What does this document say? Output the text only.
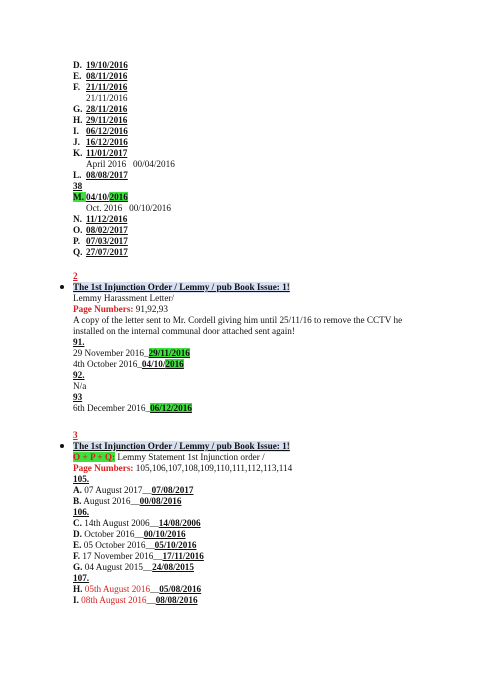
D. 19/10/2016
E. 08/11/2016
F. 21/11/2016
21/11/2016
G. 28/11/2016
H. 29/11/2016
I. 06/12/2016
J. 16/12/2016
K. 11/01/2017
April 2016   00/04/2016
L. 08/08/2017
38
M. 04/10/2016
Oct. 2016   00/10/2016
N. 11/12/2016
O. 08/02/2017
P. 07/03/2017
Q. 27/07/2017
2
The 1st Injunction Order / Lemmy / pub Book Issue: 1!
Lemmy Harassment Letter/
Page Numbers: 91,92,93
A copy of the letter sent to Mr. Cordell giving him until 25/11/16 to remove the CCTV he
installed on the internal communal door attached sent again!
91.
29 November 2016_29/11/2016
4th October 2016_04/10/2016
92.
N/a
93
6th December 2016_06/12/2016
3
The 1st Injunction Order / Lemmy / pub Book Issue: 1!
O + P + Q: Lemmy Statement 1st Injunction order /
Page Numbers: 105,106,107,108,109,110,111,112,113,114
105.
A. 07 August 2017__07/08/2017
B. August 2016__00/08/2016
106.
C. 14th August 2006__14/08/2006
D. October 2016__00/10/2016
E. 05 October 2016__05/10/2016
F. 17 November 2016__17/11/2016
G. 04 August 2015__24/08/2015
107.
H. 05th August 2016__05/08/2016
I. 08th August 2016__08/08/2016
